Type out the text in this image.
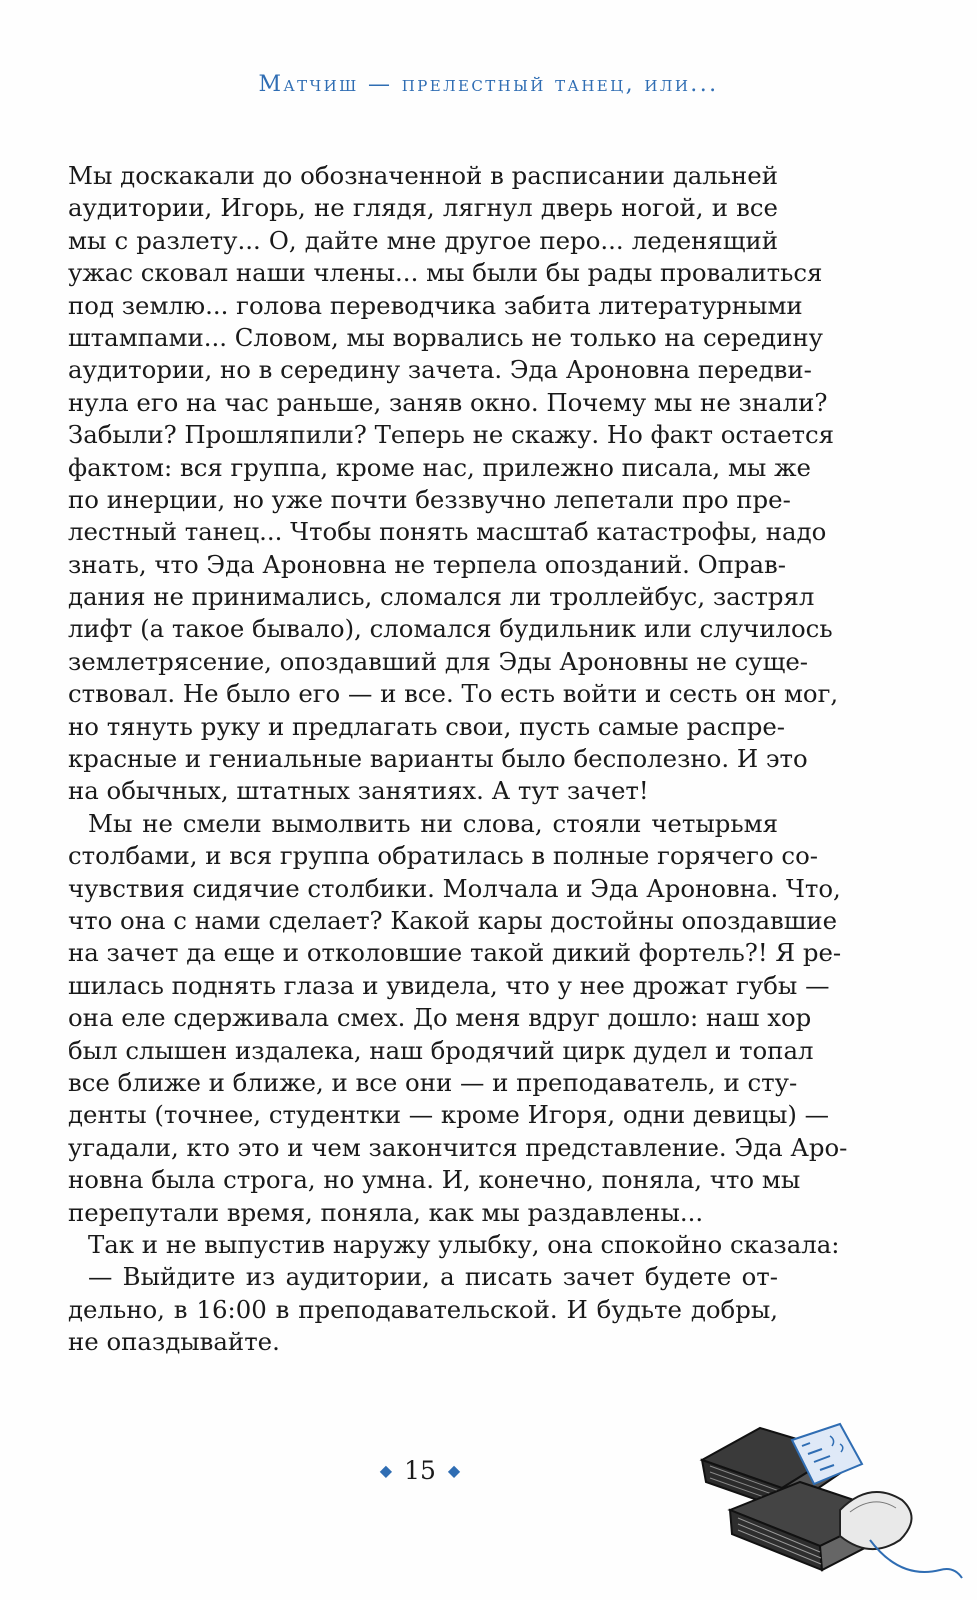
Матчиш — прелестный танец, или...
Мы доскакали до обозначенной в расписании дальней
аудитории, Игорь, не глядя, лягнул дверь ногой, и все
мы с разлету... О, дайте мне другое перо... леденящий
ужас сковал наши члены... мы были бы рады провалиться
под землю... голова переводчика забита литературными
штампами... Словом, мы ворвались не только на середину
аудитории, но в середину зачета. Эда Ароновна передви-
нула его на час раньше, заняв окно. Почему мы не знали?
Забыли? Прошляпили? Теперь не скажу. Но факт остается
фактом: вся группа, кроме нас, прилежно писала, мы же
по инерции, но уже почти беззвучно лепетали про пре-
лестный танец... Чтобы понять масштаб катастрофы, надо
знать, что Эда Ароновна не терпела опозданий. Оправ-
дания не принимались, сломался ли троллейбус, застрял
лифт (а такое бывало), сломался будильник или случилось
землетрясение, опоздавший для Эды Ароновны не суще-
ствовал. Не было его — и все. То есть войти и сесть он мог,
но тянуть руку и предлагать свои, пусть самые распре-
красные и гениальные варианты было бесполезно. И это
на обычных, штатных занятиях. А тут зачет!
Мы не смели вымолвить ни слова, стояли четырьмя
столбами, и вся группа обратилась в полные горячего со-
чувствия сидячие столбики. Молчала и Эда Ароновна. Что,
что она с нами сделает? Какой кары достойны опоздавшие
на зачет да еще и отколовшие такой дикий фортель?! Я ре-
шилась поднять глаза и увидела, что у нее дрожат губы —
она еле сдерживала смех. До меня вдруг дошло: наш хор
был слышен издалека, наш бродячий цирк дудел и топал
все ближе и ближе, и все они — и преподаватель, и сту-
денты (точнее, студентки — кроме Игоря, одни девицы) —
угадали, кто это и чем закончится представление. Эда Аро-
новна была строга, но умна. И, конечно, поняла, что мы
перепутали время, поняла, как мы раздавлены...
Так и не выпустив наружу улыбку, она спокойно сказала:
— Выйдите из аудитории, а писать зачет будете от-
дельно, в 16:00 в преподавательской. И будьте добры,
не опаздывайте.
◆ 15 ◆
